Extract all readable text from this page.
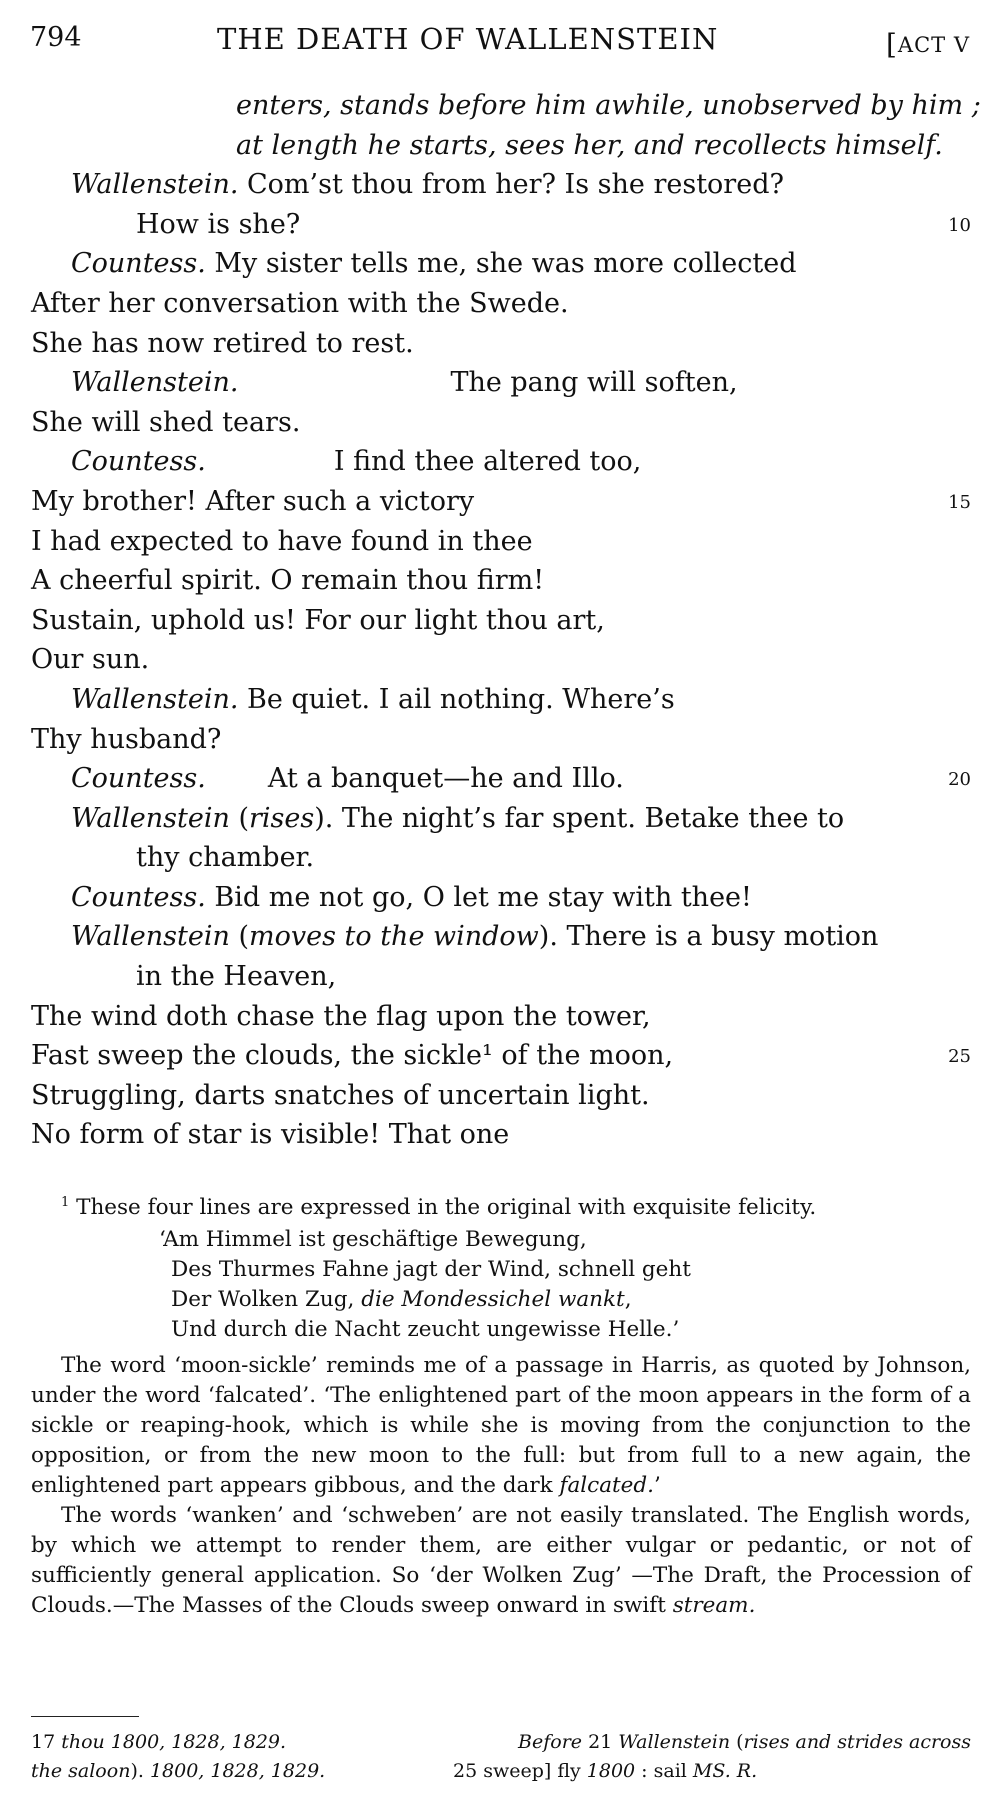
794	THE DEATH OF WALLENSTEIN	[ACT V
enters, stands before him awhile, unobserved by him ;
at length he starts, sees her, and recollects himself.
Wallenstein. Com’st thou from her? Is she restored?
How is she?	10
Countess. My sister tells me, she was more collected
After her conversation with the Swede.
She has now retired to rest.
Wallenstein.	The pang will soften,
She will shed tears.
Countess.	I find thee altered too,
My brother! After such a victory	15
I had expected to have found in thee
A cheerful spirit. O remain thou firm!
Sustain, uphold us! For our light thou art,
Our sun.
Wallenstein. Be quiet. I ail nothing. Where’s
Thy husband?
Countess. At a banquet—he and Illo.	20
Wallenstein (rises). The night’s far spent. Betake thee to
thy chamber.
Countess. Bid me not go, O let me stay with thee!
Wallenstein (moves to the window). There is a busy motion
in the Heaven,
The wind doth chase the flag upon the tower,
Fast sweep the clouds, the sickle¹ of the moon,	25
Struggling, darts snatches of uncertain light.
No form of star is visible! That one

$^1$ These four lines are expressed in the original with exquisite felicity.

‘Am Himmel ist geschäftige Bewegung,
Des Thurmes Fahne jagt der Wind, schnell geht
Der Wolken Zug, die Mondessichel wankt,
Und durch die Nacht zeucht ungewisse Helle.’

The word ‘moon-sickle’ reminds me of a passage in Harris, as quoted by Johnson, under the word ‘falcated’. ‘The enlightened part of the moon appears in the form of a sickle or reaping-hook, which is while she is moving from the conjunction to the opposition, or from the new moon to the full: but from full to a new again, the enlightened part appears gibbous, and the dark falcated.’

The words ‘wanken’ and ‘schweben’ are not easily translated. The English words, by which we attempt to render them, are either vulgar or pedantic, or not of sufficiently general application. So ‘der Wolken Zug’ —The Draft, the Procession of Clouds.—The Masses of the Clouds sweep onward in swift stream.

17 thou 1800, 1828, 1829.	Before 21 Wallenstein (rises and strides across
the saloon). 1800, 1828, 1829.	25 sweep] fly 1800 : sail MS. R.
